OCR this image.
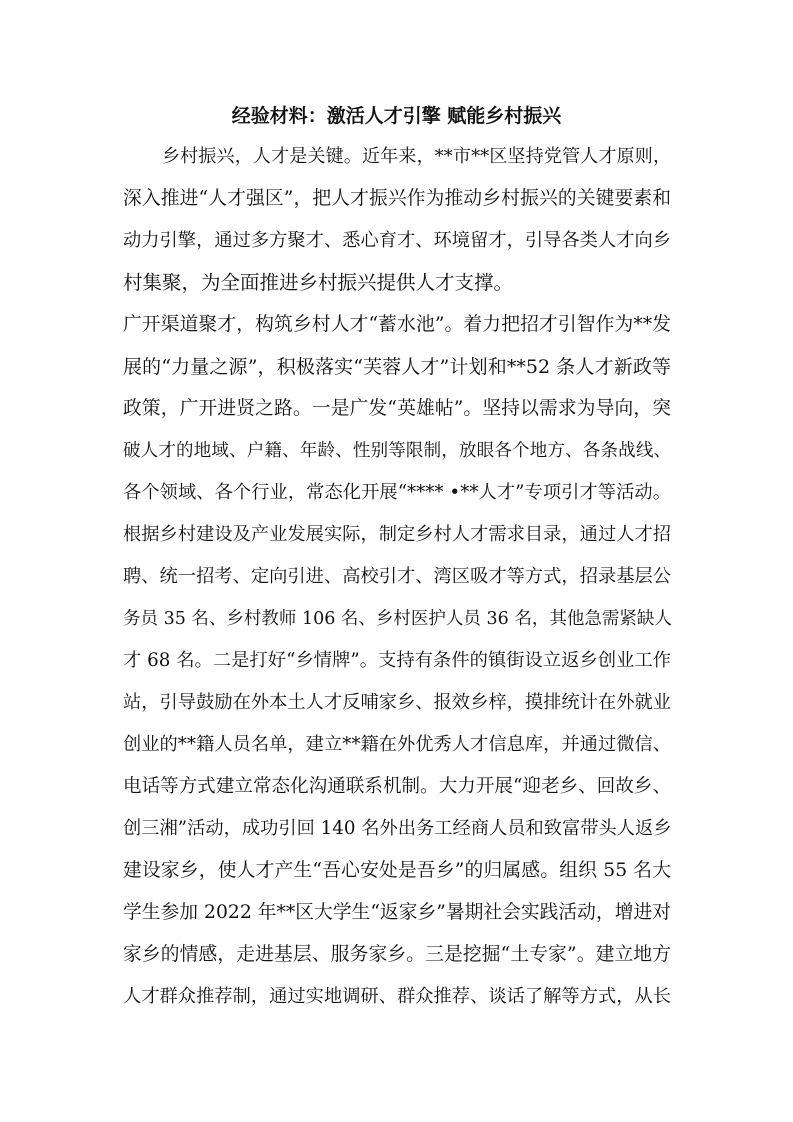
经验材料：激活人才引擎 赋能乡村振兴

乡村振兴，人才是关键。近年来，**市**区坚持党管人才原则，

深入推进“人才强区”，把人才振兴作为推动乡村振兴的关键要素和

动力引擎，通过多方聚才、悉心育才、环境留才，引导各类人才向乡

村集聚，为全面推进乡村振兴提供人才支撑。

广开渠道聚才，构筑乡村人才“蓄水池”。着力把招才引智作为**发

展的“力量之源”，积极落实“芙蓉人才”计划和**52 条人才新政等

政策，广开进贤之路。一是广发“英雄帖”。坚持以需求为导向，突

破人才的地域、户籍、年龄、性别等限制，放眼各个地方、各条战线、

各个领域、各个行业，常态化开展“**** •**人才”专项引才等活动。

根据乡村建设及产业发展实际，制定乡村人才需求目录，通过人才招

聘、统一招考、定向引进、高校引才、湾区吸才等方式，招录基层公

务员 35 名、乡村教师 106 名、乡村医护人员 36 名，其他急需紧缺人

才 68 名。二是打好“乡情牌”。支持有条件的镇街设立返乡创业工作

站，引导鼓励在外本土人才反哺家乡、报效乡梓，摸排统计在外就业

创业的**籍人员名单，建立**籍在外优秀人才信息库，并通过微信、

电话等方式建立常态化沟通联系机制。大力开展“迎老乡、回故乡、

创三湘”活动，成功引回 140 名外出务工经商人员和致富带头人返乡

建设家乡，使人才产生“吾心安处是吾乡”的归属感。组织 55 名大

学生参加 2022 年**区大学生“返家乡”暑期社会实践活动，增进对

家乡的情感，走进基层、服务家乡。三是挖掘“土专家”。建立地方

人才群众推荐制，通过实地调研、群众推荐、谈话了解等方式，从长
